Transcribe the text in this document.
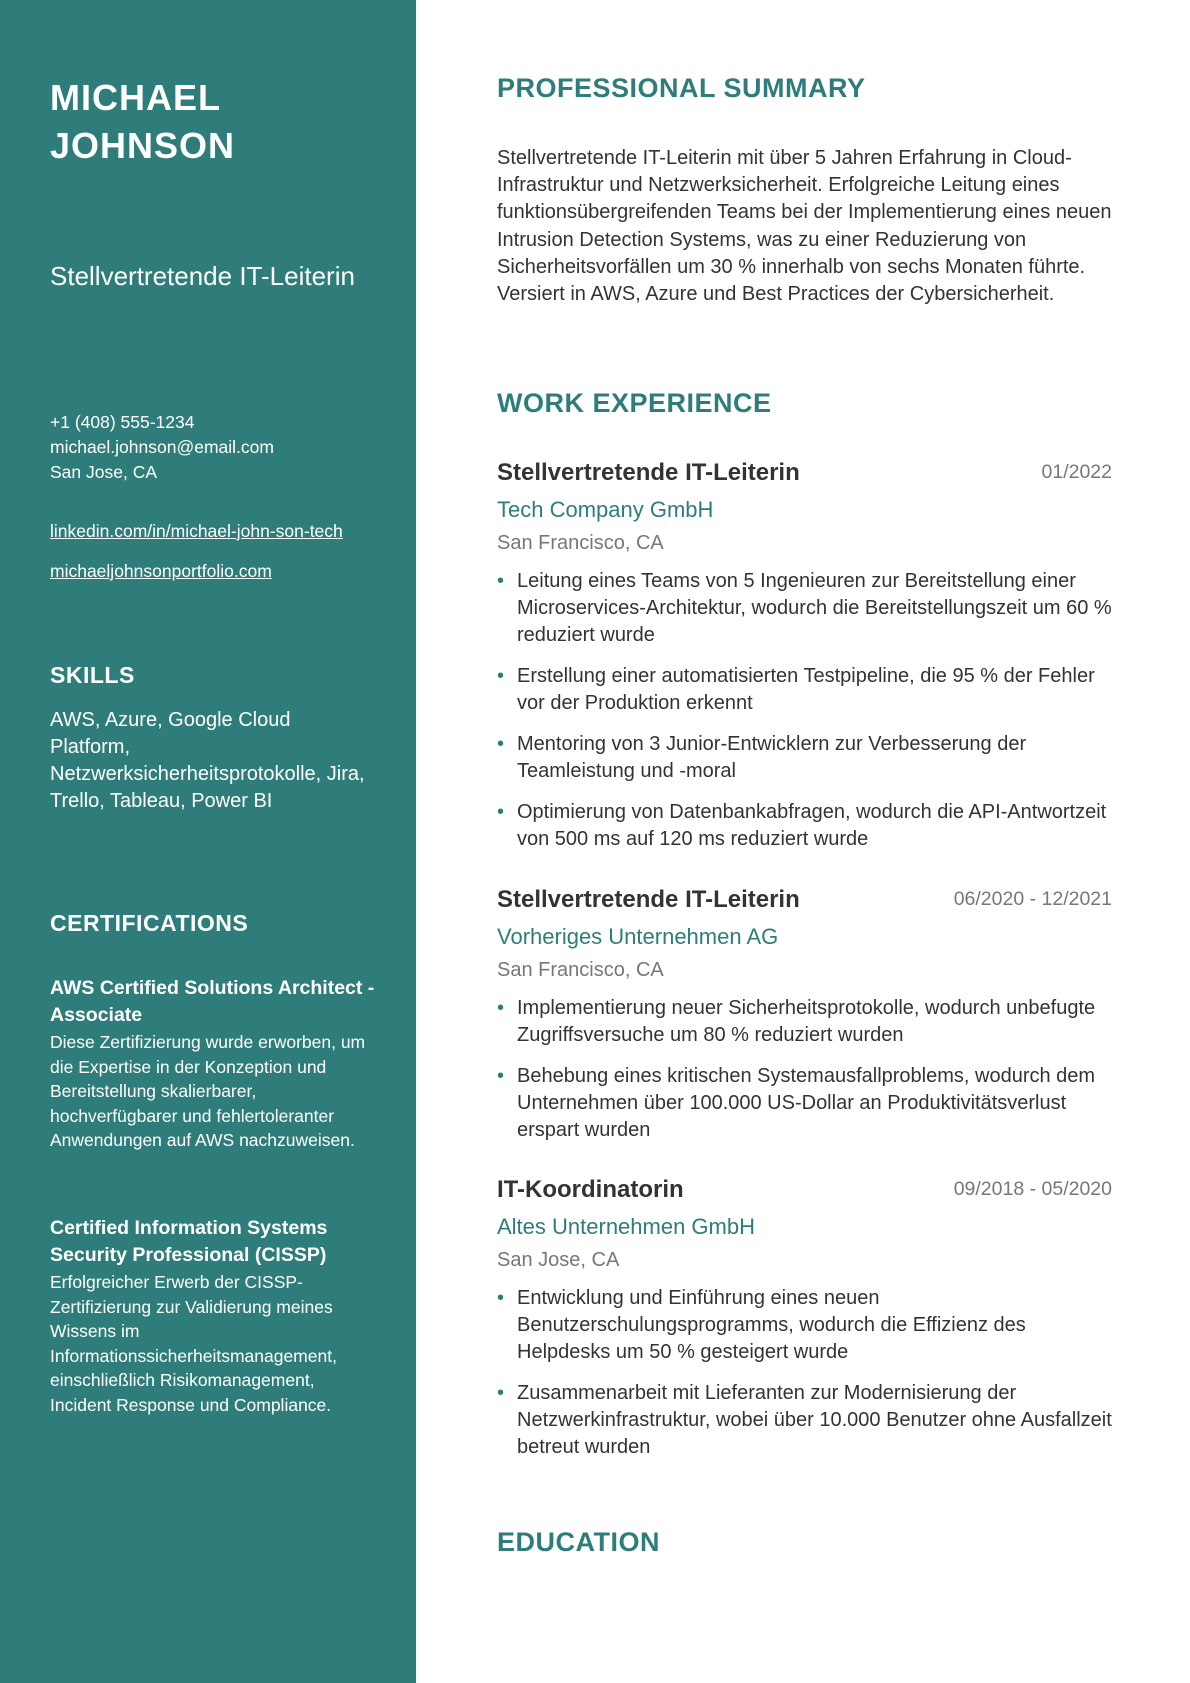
MICHAEL JOHNSON
Stellvertretende IT-Leiterin
+1 (408) 555-1234
michael.johnson@email.com
San Jose, CA
linkedin.com/in/michael-john-son-tech
michaeljohnsonportfolio.com
SKILLS
AWS, Azure, Google Cloud Platform, Netzwerksicherheitsprotokolle, Jira, Trello, Tableau, Power BI
CERTIFICATIONS
AWS Certified Solutions Architect - Associate
Diese Zertifizierung wurde erworben, um die Expertise in der Konzeption und Bereitstellung skalierbarer, hochverfügbarer und fehlertoleranter Anwendungen auf AWS nachzuweisen.
Certified Information Systems Security Professional (CISSP)
Erfolgreicher Erwerb der CISSP-Zertifizierung zur Validierung meines Wissens im Informationssicherheitsmanagement, einschließlich Risikomanagement, Incident Response und Compliance.
PROFESSIONAL SUMMARY
Stellvertretende IT-Leiterin mit über 5 Jahren Erfahrung in Cloud-Infrastruktur und Netzwerksicherheit. Erfolgreiche Leitung eines funktionsübergreifenden Teams bei der Implementierung eines neuen Intrusion Detection Systems, was zu einer Reduzierung von Sicherheitsvorfällen um 30 % innerhalb von sechs Monaten führte. Versiert in AWS, Azure und Best Practices der Cybersicherheit.
WORK EXPERIENCE
Stellvertretende IT-Leiterin	01/2022
Tech Company GmbH
San Francisco, CA
• Leitung eines Teams von 5 Ingenieuren zur Bereitstellung einer Microservices-Architektur, wodurch die Bereitstellungszeit um 60 % reduziert wurde
• Erstellung einer automatisierten Testpipeline, die 95 % der Fehler vor der Produktion erkennt
• Mentoring von 3 Junior-Entwicklern zur Verbesserung der Teamleistung und -moral
• Optimierung von Datenbankabfragen, wodurch die API-Antwortzeit von 500 ms auf 120 ms reduziert wurde
Stellvertretende IT-Leiterin	06/2020 - 12/2021
Vorheriges Unternehmen AG
San Francisco, CA
• Implementierung neuer Sicherheitsprotokolle, wodurch unbefugte Zugriffsversuche um 80 % reduziert wurden
• Behebung eines kritischen Systemausfallproblems, wodurch dem Unternehmen über 100.000 US-Dollar an Produktivitätsverlust erspart wurden
IT-Koordinatorin	09/2018 - 05/2020
Altes Unternehmen GmbH
San Jose, CA
• Entwicklung und Einführung eines neuen Benutzerschulungsprogramms, wodurch die Effizienz des Helpdesks um 50 % gesteigert wurde
• Zusammenarbeit mit Lieferanten zur Modernisierung der Netzwerkinfrastruktur, wobei über 10.000 Benutzer ohne Ausfallzeit betreut wurden
EDUCATION
